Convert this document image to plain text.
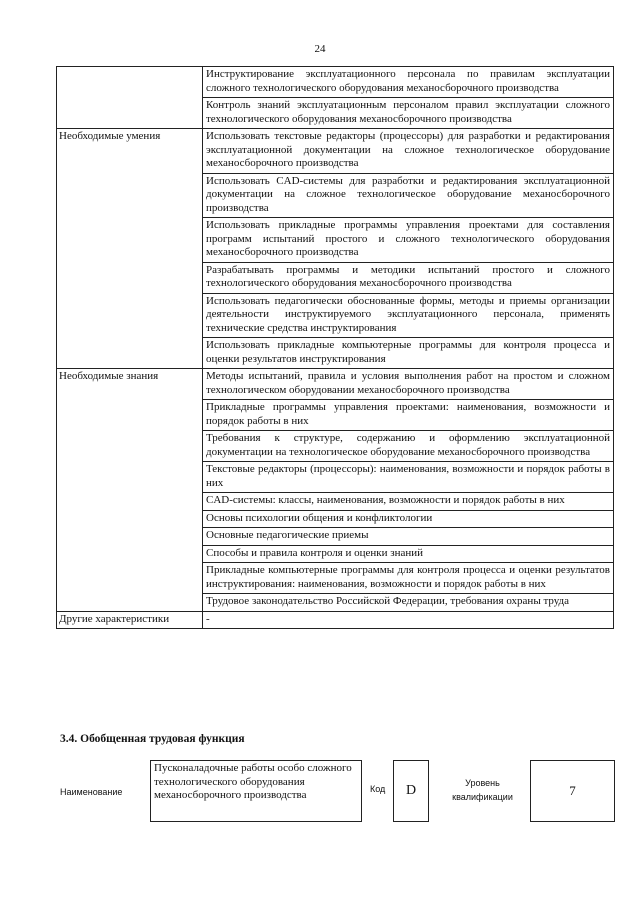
24
	Инструктирование эксплуатационного персонала по правилам эксплуатации сложного технологического оборудования механосборочного производства
	Контроль знаний эксплуатационным персоналом правил эксплуатации сложного технологического оборудования механосборочного производства
Необходимые умения	Использовать текстовые редакторы (процессоры) для разработки и редактирования эксплуатационной документации на сложное технологическое оборудование механосборочного производства
	Использовать CAD-системы для разработки и редактирования эксплуатационной документации на сложное технологическое оборудование механосборочного производства
	Использовать прикладные программы управления проектами для составления программ испытаний простого и сложного технологического оборудования механосборочного производства
	Разрабатывать программы и методики испытаний простого и сложного технологического оборудования механосборочного производства
	Использовать педагогически обоснованные формы, методы и приемы организации деятельности инструктируемого эксплуатационного персонала, применять технические средства инструктирования
	Использовать прикладные компьютерные программы для контроля процесса и оценки результатов инструктирования
Необходимые знания	Методы испытаний, правила и условия выполнения работ на простом и сложном технологическом оборудовании механосборочного производства
	Прикладные программы управления проектами: наименования, возможности и порядок работы в них
	Требования к структуре, содержанию и оформлению эксплуатационной документации на технологическое оборудование механосборочного производства
	Текстовые редакторы (процессоры): наименования, возможности и порядок работы в них
	CAD-системы: классы, наименования, возможности и порядок работы в них
	Основы психологии общения и конфликтологии
	Основные педагогические приемы
	Способы и правила контроля и оценки знаний
	Прикладные компьютерные программы для контроля процесса и оценки результатов инструктирования: наименования, возможности и порядок работы в них
	Трудовое законодательство Российской Федерации, требования охраны труда
Другие характеристики	-
3.4. Обобщенная трудовая функция
Наименование
Пусконаладочные работы особо сложного технологического оборудования механосборочного производства	Код	D	Уровень
квалификации	7
